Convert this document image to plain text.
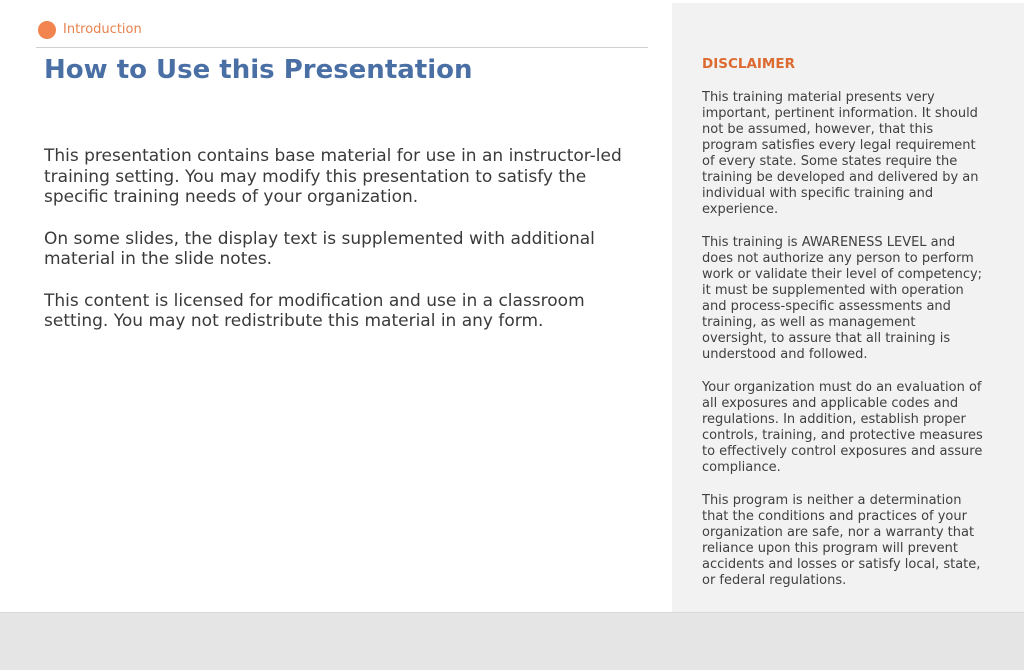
Introduction
How to Use this Presentation

This presentation contains base material for use in an instructor-led training setting. You may modify this presentation to satisfy the specific training needs of your organization.

On some slides, the display text is supplemented with additional material in the slide notes.

This content is licensed for modification and use in a classroom setting. You may not redistribute this material in any form.

DISCLAIMER

This training material presents very important, pertinent information. It should not be assumed, however, that this program satisfies every legal requirement of every state. Some states require the training be developed and delivered by an individual with specific training and experience.

This training is AWARENESS LEVEL and does not authorize any person to perform work or validate their level of competency; it must be supplemented with operation and process-specific assessments and training, as well as management oversight, to assure that all training is understood and followed.

Your organization must do an evaluation of all exposures and applicable codes and regulations. In addition, establish proper controls, training, and protective measures to effectively control exposures and assure compliance.

This program is neither a determination that the conditions and practices of your organization are safe, nor a warranty that reliance upon this program will prevent accidents and losses or satisfy local, state, or federal regulations.
